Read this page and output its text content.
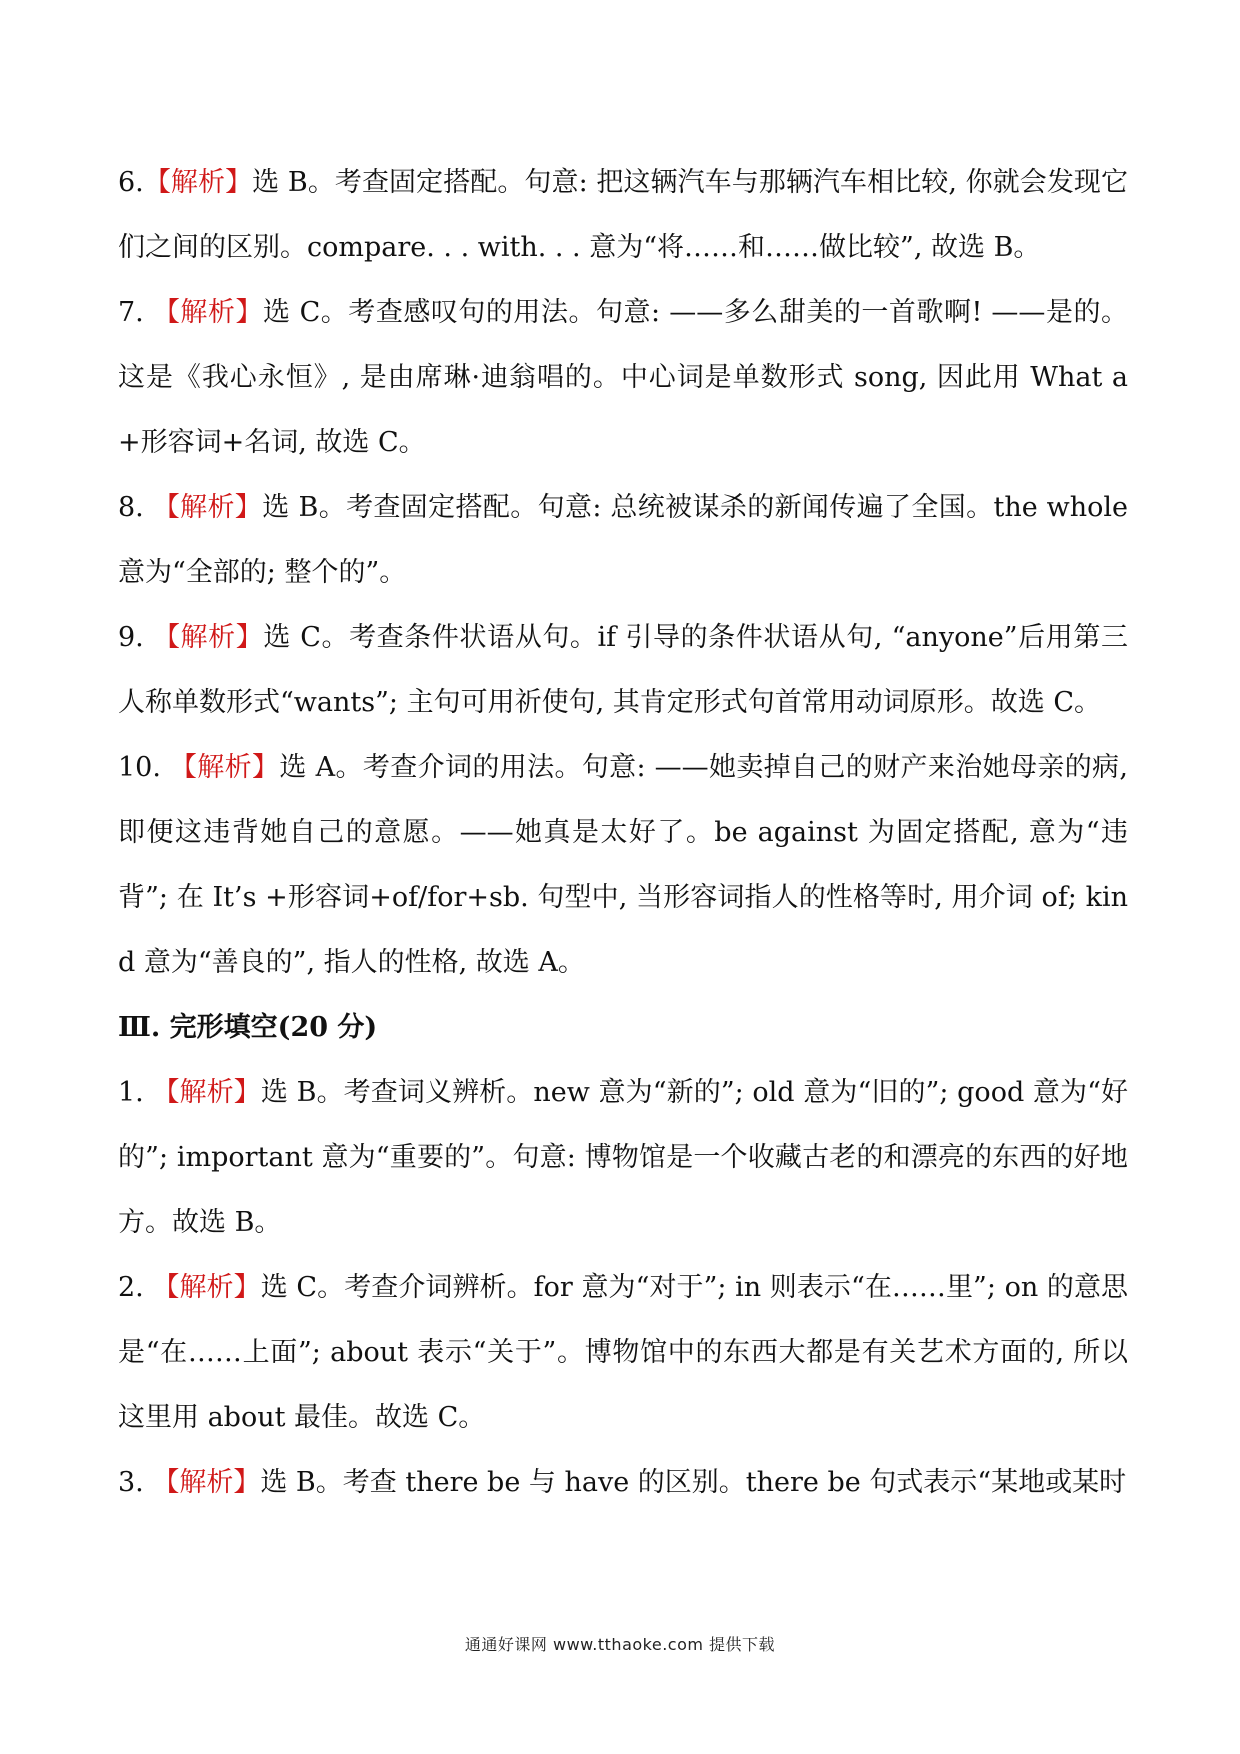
6.【解析】选 B。考查固定搭配。句意: 把这辆汽车与那辆汽车相比较, 你就会发现它们之间的区别。compare. . . with. . . 意为“将……和……做比较”, 故选 B。

7. 【解析】选 C。考查感叹句的用法。句意: ——多么甜美的一首歌啊! ——是的。这是《我心永恒》, 是由席琳·迪翁唱的。中心词是单数形式 song, 因此用 What a+形容词+名词, 故选 C。

8. 【解析】选 B。考查固定搭配。句意: 总统被谋杀的新闻传遍了全国。the whole 意为“全部的; 整个的”。

9. 【解析】选 C。考查条件状语从句。if 引导的条件状语从句, “anyone”后用第三人称单数形式“wants”; 主句可用祈使句, 其肯定形式句首常用动词原形。故选 C。

10. 【解析】选 A。考查介词的用法。句意: ——她卖掉自己的财产来治她母亲的病, 即便这违背她自己的意愿。——她真是太好了。be against 为固定搭配, 意为“违背”; 在 It’s +形容词+of/for+sb. 句型中, 当形容词指人的性格等时, 用介词 of; kind 意为“善良的”, 指人的性格, 故选 A。

Ⅲ. 完形填空(20 分)

1. 【解析】选 B。考查词义辨析。new 意为“新的”; old 意为“旧的”; good 意为“好的”; important 意为“重要的”。句意: 博物馆是一个收藏古老的和漂亮的东西的好地方。故选 B。

2. 【解析】选 C。考查介词辨析。for 意为“对于”; in 则表示“在……里”; on 的意思是“在……上面”; about 表示“关于”。博物馆中的东西大都是有关艺术方面的, 所以这里用 about 最佳。故选 C。

3. 【解析】选 B。考查 there be 与 have 的区别。there be 句式表示“某地或某时

通通好课网 www.tthaoke.com 提供下载
